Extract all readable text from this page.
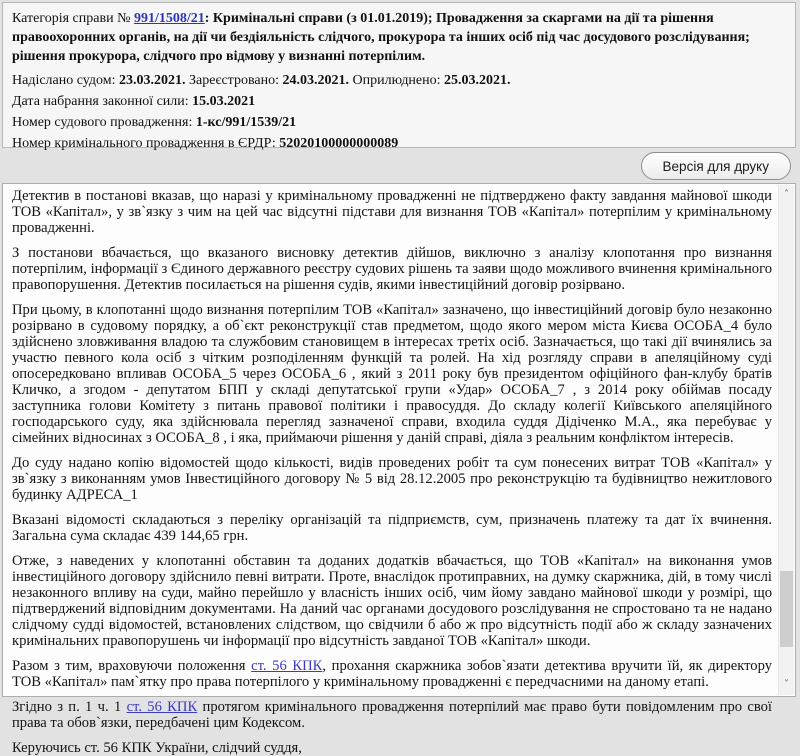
Категорія справи № 991/1508/21: Кримінальні справи (з 01.01.2019); Провадження за скаргами на дії та рішення правоохоронних органів, на дії чи бездіяльність слідчого, прокурора та інших осіб під час досудового розслідування; рішення прокурора, слідчого про відмову у визнанні потерпілим.

Надіслано судом: 23.03.2021. Зареєстровано: 24.03.2021. Оприлюднено: 25.03.2021.
Дата набрання законної сили: 15.03.2021
Номер судового провадження: 1-кс/991/1539/21
Номер кримінального провадження в ЄРДР: 52020100000000089
Версія для друку

Детектив в постанові вказав, що наразі у кримінальному провадженні не підтверджено факту завдання майнової шкоди ТОВ «Капітал», у зв`язку з чим на цей час відсутні підстави для визнання ТОВ «Капітал» потерпілим у кримінальному провадженні.

З постанови вбачається, що вказаного висновку детектив дійшов, виключно з аналізу клопотання про визнання потерпілим, інформації з Єдиного державного реєстру судових рішень та заяви щодо можливого вчинення кримінального правопорушення. Детектив посилається на рішення судів, якими інвестиційний договір розірвано.

При цьому, в клопотанні щодо визнання потерпілим ТОВ «Капітал» зазначено, що інвестиційний договір було незаконно розірвано в судовому порядку, а об`єкт реконструкції став предметом, щодо якого мером міста Києва ОСОБА_4 було здійснено зловживання владою та службовим становищем в інтересах третіх осіб. Зазначається, що такі дії вчинялись за участю певного кола осіб з чітким розподіленням функцій та ролей. На хід розгляду справи в апеляційному суді опосередковано впливав ОСОБА_5 через ОСОБА_6 , який з 2011 року був президентом офіційного фан-клубу братів Кличко, а згодом - депутатом БПП у складі депутатської групи «Удар» ОСОБА_7 , з 2014 року обіймав посаду заступника голови Комітету з питань правової політики і правосуддя. До складу колегії Київського апеляційного господарського суду, яка здійснювала перегляд зазначеної справи, входила суддя Дідіченко М.А., яка перебуває у сімейних відносинах з ОСОБА_8 , і яка, приймаючи рішення у даній справі, діяла з реальним конфліктом інтересів.

До суду надано копію відомостей щодо кількості, видів проведених робіт та сум понесених витрат ТОВ «Капітал» у зв`язку з виконанням умов Інвестиційного договору № 5 від 28.12.2005 про реконструкцію та будівництво нежитлового будинку АДРЕСА_1

Вказані відомості складаються з переліку організацій та підприємств, сум, призначень платежу та дат їх вчинення. Загальна сума складає 439 144,65 грн.

Отже, з наведених у клопотанні обставин та доданих додатків вбачається, що ТОВ «Капітал» на виконання умов інвестиційного договору здійснило певні витрати. Проте, внаслідок протиправних, на думку скаржника, дій, в тому числі незаконного впливу на суди, майно перейшло у власність інших осіб, чим йому завдано майнової шкоди у розмірі, що підтверджений відповідним документами. На даний час органами досудового розслідування не спростовано та не надано слідчому судді відомостей, встановлених слідством, що свідчили б або ж про відсутність події або ж складу зазначених кримінальних правопорушень чи інформації про відсутність завданої ТОВ «Капітал» шкоди.

Разом з тим, враховуючи положення ст. 56 КПК, прохання скаржника зобов`язати детектива вручити їй, як директору ТОВ «Капітал» пам`ятку про права потерпілого у кримінальному провадженні є передчасними на даному етапі.

Згідно з п. 1 ч. 1 ст. 56 КПК протягом кримінального провадження потерпілий має право бути повідомленим про свої права та обов`язки, передбачені цим Кодексом.

Керуючись ст. 56 КПК України, слідчий суддя,

˄
˅
